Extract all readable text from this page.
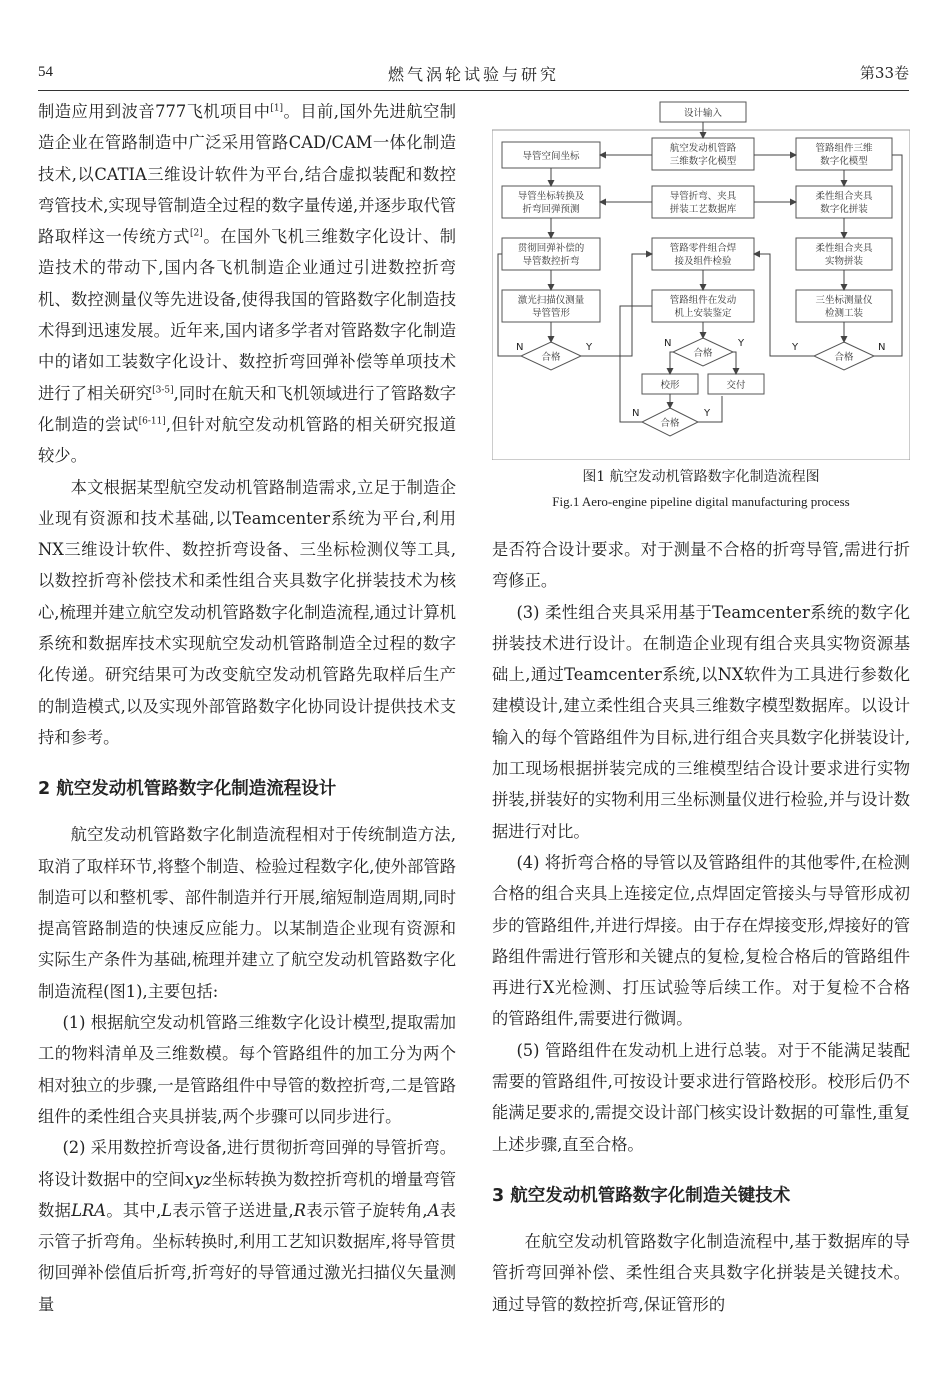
54	燃气涡轮试验与研究	第33卷

制造应用到波音777飞机项目中[1]。目前,国外先进航空制造企业在管路制造中广泛采用管路CAD/CAM一体化制造技术,以CATIA三维设计软件为平台,结合虚拟装配和数控弯管技术,实现导管制造全过程的数字量传递,并逐步取代管路取样这一传统方式[2]。在国外飞机三维数字化设计、制造技术的带动下,国内各飞机制造企业通过引进数控折弯机、数控测量仪等先进设备,使得我国的管路数字化制造技术得到迅速发展。近年来,国内诸多学者对管路数字化制造中的诸如工装数字化设计、数控折弯回弹补偿等单项技术进行了相关研究[3-5],同时在航天和飞机领域进行了管路数字化制造的尝试[6-11],但针对航空发动机管路的相关研究报道较少。

本文根据某型航空发动机管路制造需求,立足于制造企业现有资源和技术基础,以Teamcenter系统为平台,利用NX三维设计软件、数控折弯设备、三坐标检测仪等工具,以数控折弯补偿技术和柔性组合夹具数字化拼装技术为核心,梳理并建立航空发动机管路数字化制造流程,通过计算机系统和数据库技术实现航空发动机管路制造全过程的数字化传递。研究结果可为改变航空发动机管路先取样后生产的制造模式,以及实现外部管路数字化协同设计提供技术支持和参考。

2 航空发动机管路数字化制造流程设计

航空发动机管路数字化制造流程相对于传统制造方法,取消了取样环节,将整个制造、检验过程数字化,使外部管路制造可以和整机零、部件制造并行开展,缩短制造周期,同时提高管路制造的快速反应能力。以某制造企业现有资源和实际生产条件为基础,梳理并建立了航空发动机管路数字化制造流程(图1),主要包括:

(1) 根据航空发动机管路三维数字化设计模型,提取需加工的物料清单及三维数模。每个管路组件的加工分为两个相对独立的步骤,一是管路组件中导管的数控折弯,二是管路组件的柔性组合夹具拼装,两个步骤可以同步进行。

(2) 采用数控折弯设备,进行贯彻折弯回弹的导管折弯。将设计数据中的空间xyz坐标转换为数控折弯机的增量弯管数据LRA。其中,L表示管子送进量,R表示管子旋转角,A表示管子折弯角。坐标转换时,利用工艺知识数据库,将导管贯彻回弹补偿值后折弯,折弯好的导管通过激光扫描仪矢量测量

设计输入
导管空间坐标
航空发动机管路
三维数字化模型
管路组件三维
数字化模型
导管坐标转换及
折弯回弹预测
导管折弯、夹具
拼装工艺数据库
柔性组合夹具
数字化拼装
贯彻回弹补偿的
导管数控折弯
管路零件组合焊
接及组件检验
柔性组合夹具
实物拼装
激光扫描仪测量
导管管形
管路组件在发动
机上安装鉴定
三坐标测量仪
检测工装
合格	合格	合格
校形	交付
合格
N	Y	N	Y	Y	N
N	Y
图1 航空发动机管路数字化制造流程图
Fig.1 Aero-engine pipeline digital manufacturing process

是否符合设计要求。对于测量不合格的折弯导管,需进行折弯修正。

(3) 柔性组合夹具采用基于Teamcenter系统的数字化拼装技术进行设计。在制造企业现有组合夹具实物资源基础上,通过Teamcenter系统,以NX软件为工具进行参数化建模设计,建立柔性组合夹具三维数字模型数据库。以设计输入的每个管路组件为目标,进行组合夹具数字化拼装设计,加工现场根据拼装完成的三维模型结合设计要求进行实物拼装,拼装好的实物利用三坐标测量仪进行检验,并与设计数据进行对比。

(4) 将折弯合格的导管以及管路组件的其他零件,在检测合格的组合夹具上连接定位,点焊固定管接头与导管形成初步的管路组件,并进行焊接。由于存在焊接变形,焊接好的管路组件需进行管形和关键点的复检,复检合格后的管路组件再进行X光检测、打压试验等后续工作。对于复检不合格的管路组件,需要进行微调。

(5) 管路组件在发动机上进行总装。对于不能满足装配需要的管路组件,可按设计要求进行管路校形。校形后仍不能满足要求的,需提交设计部门核实设计数据的可靠性,重复上述步骤,直至合格。

3 航空发动机管路数字化制造关键技术

在航空发动机管路数字化制造流程中,基于数据库的导管折弯回弹补偿、柔性组合夹具数字化拼装是关键技术。通过导管的数控折弯,保证管形的
